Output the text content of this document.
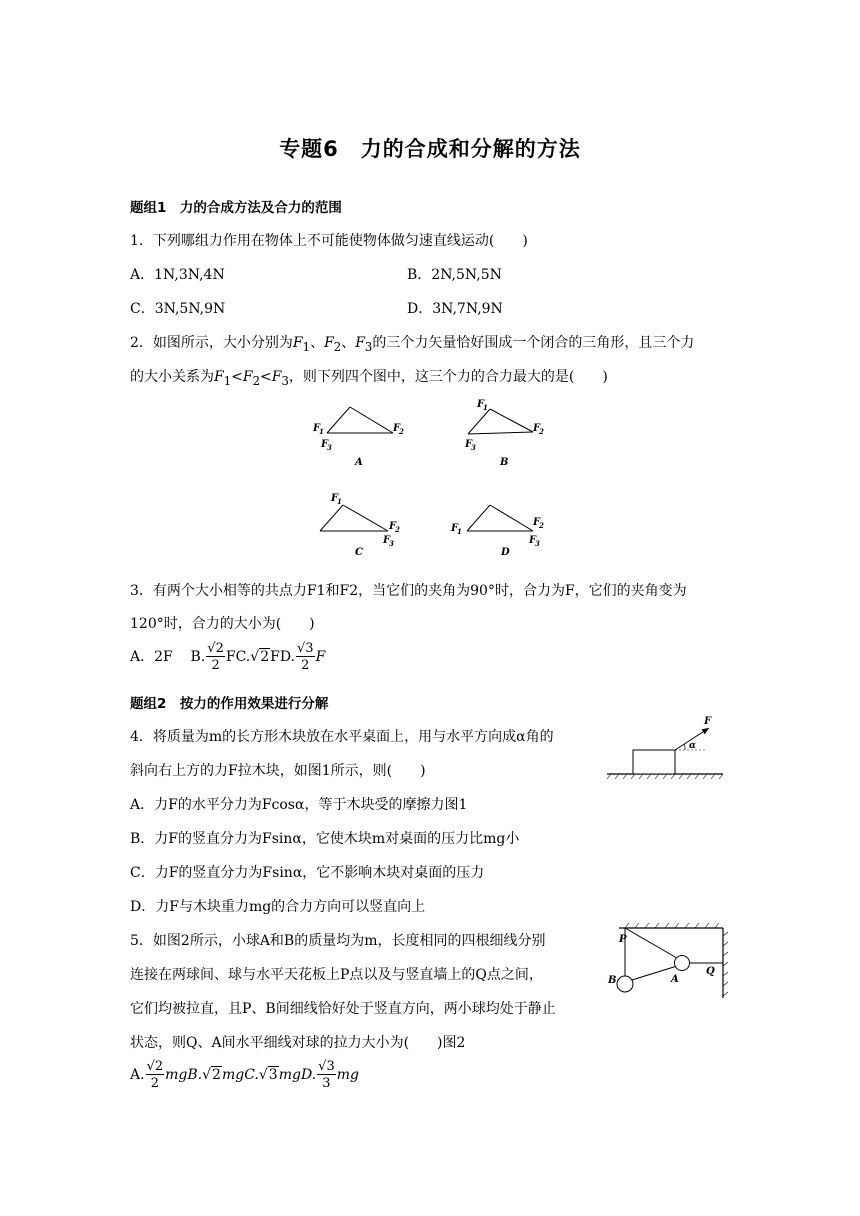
专题6　力的合成和分解的方法
题组1　力的合成方法及合力的范围
1．下列哪组力作用在物体上不可能使物体做匀速直线运动(　　)
A．1N,3N,4N	B．2N,5N,5N
C．3N,5N,9N	D．3N,7N,9N
2．如图所示，大小分别为$F_1$、$F_2$、$F_3$的三个力矢量恰好围成一个闭合的三角形，且三个力
的大小关系为$F_1<F_2<F_3$，则下列四个图中，这三个力的合力最大的是(　　)
F
1	F
2
F
3
A
F
1
F
2
F
3
B
F
1
F
2
F
3
C
F
1
F
2
F
3
D
3．有两个大小相等的共点力F1和F2，当它们的夹角为90°时，合力为F，它们的夹角变为
120°时，合力的大小为(　　)
A．2F B. $\frac{√2}{2} FC.√2FD$. $\frac{√3}{2}$ F
题组2　按力的作用效果进行分解
4．将质量为m的长方形木块放在水平桌面上，用与水平方向成α角的
斜向右上方的力F拉木块，如图1所示，则(　　)
A．力F的水平分力为Fcosα，等于木块受的摩擦力图1
B．力F的竖直分力为Fsinα，它使木块m对桌面的压力比mg小
C．力F的竖直分力为Fsinα，它不影响木块对桌面的压力
D．力F与木块重力mg的合力方向可以竖直向上
F
α
5．如图2所示，小球A和B的质量均为m，长度相同的四根细线分别
连接在两球间、球与水平天花板上P点以及与竖直墙上的Q点之间，
它们均被拉直，且P、B间细线恰好处于竖直方向，两小球均处于静止
状态，则Q、A间水平细线对球的拉力大小为(　　)图2
A. $\frac{√2}{2} mgB.√2mgC.√3mgD$. $\frac{√3}{3}$ mg
P
B	A
Q
